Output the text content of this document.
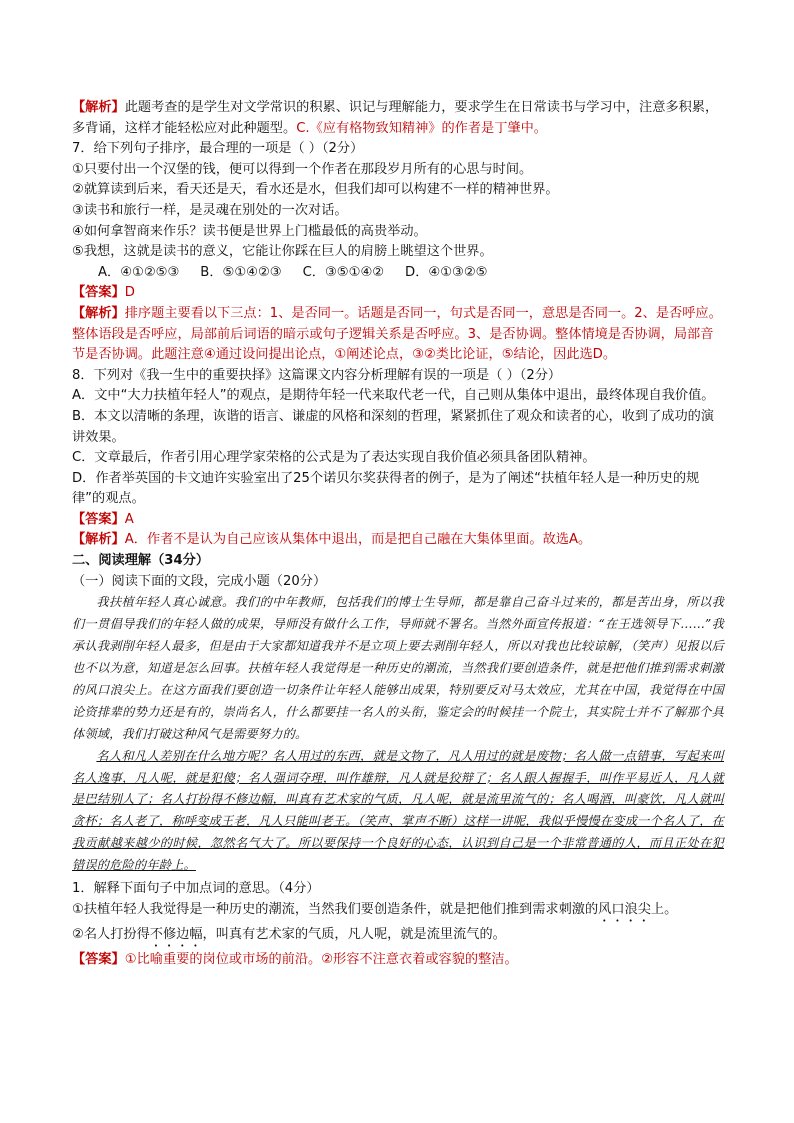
【解析】此题考查的是学生对文学常识的积累、识记与理解能力，要求学生在日常读书与学习中，注意多积累，多背诵，这样才能轻松应对此种题型。C.《应有格物致知精神》的作者是丁肇中。
7．给下列句子排序，最合理的一项是（ ）（2分）
①只要付出一个汉堡的钱，便可以得到一个作者在那段岁月所有的心思与时间。
②就算读到后来，看天还是天，看水还是水，但我们却可以构建不一样的精神世界。
③读书和旅行一样，是灵魂在别处的一次对话。
④如何拿智商来作乐？读书便是世界上门槛最低的高贵举动。
⑤我想，这就是读书的意义，它能让你踩在巨人的肩膀上眺望这个世界。
A．④①②⑤③     B．⑤①④②③     C．③⑤①④②     D．④①③②⑤
【答案】D
【解析】排序题主要看以下三点：1、是否同一。话题是否同一，句式是否同一，意思是否同一。2、是否呼应。整体语段是否呼应，局部前后词语的暗示或句子逻辑关系是否呼应。3、是否协调。整体情境是否协调，局部音节是否协调。此题注意④通过设问提出论点，①阐述论点，③②类比论证，⑤结论，因此选D。
8．下列对《我一生中的重要抉择》这篇课文内容分析理解有误的一项是（ ）（2分）
A．文中“大力扶植年轻人”的观点，是期待年轻一代来取代老一代，自己则从集体中退出，最终体现自我价值。
B．本文以清晰的条理，诙谐的语言、谦虚的风格和深刻的哲理，紧紧抓住了观众和读者的心，收到了成功的演讲效果。
C．文章最后，作者引用心理学家荣格的公式是为了表达实现自我价值必须具备团队精神。
D．作者举英国的卡文迪许实验室出了25个诺贝尔奖获得者的例子，是为了阐述“扶植年轻人是一种历史的规律”的观点。
【答案】A
【解析】A．作者不是认为自己应该从集体中退出，而是把自己融在大集体里面。故选A。
二、阅读理解（34分）
（一）阅读下面的文段，完成小题（20分）

我扶植年轻人真心诚意。我们的中年教师，包括我们的博士生导师，都是靠自己奋斗过来的，都是苦出身，所以我们一贯倡导我们的年轻人做的成果，导师没有做什么工作，导师就不署名。当然外面宣传报道：“在王选领导下……”我承认我剥削年轻人最多，但是由于大家都知道我并不是立项上要去剥削年轻人，所以对我也比较谅解，（笑声）见报以后也不以为意，知道是怎么回事。扶植年轻人我觉得是一种历史的潮流，当然我们要创造条件，就是把他们推到需求刺激的风口浪尖上。在这方面我们要创造一切条件让年轻人能够出成果，特别要反对马太效应，尤其在中国，我觉得在中国论资排辈的势力还是有的，崇尚名人，什么都要挂一名人的头衔，鉴定会的时候挂一个院士，其实院士并不了解那个具体领域，我们打破这种风气是需要努力的。

名人和凡人差别在什么地方呢？名人用过的东西，就是文物了，凡人用过的就是废物；名人做一点错事，写起来叫名人逸事，凡人呢，就是犯傻；名人强词夺理，叫作雄辩，凡人就是狡辩了；名人跟人握握手，叫作平易近人，凡人就是巴结别人了；名人打扮得不修边幅，叫真有艺术家的气质，凡人呢，就是流里流气的；名人喝酒，叫豪饮，凡人就叫贪杯；名人老了，称呼变成王老，凡人只能叫老王。（笑声、掌声不断）这样一讲呢，我似乎慢慢在变成一个名人了，在我贡献越来越少的时候，忽然名气大了。所以要保持一个良好的心态，认识到自己是一个非常普通的人，而且正处在犯错误的危险的年龄上。

1．解释下面句子中加点词的意思。（4分）
①扶植年轻人我觉得是一种历史的潮流，当然我们要创造条件，就是把他们推到需求刺激的风口浪尖上。
②名人打扮得不修边幅，叫真有艺术家的气质，凡人呢，就是流里流气的。
【答案】①比喻重要的岗位或市场的前沿。②形容不注意衣着或容貌的整洁。
